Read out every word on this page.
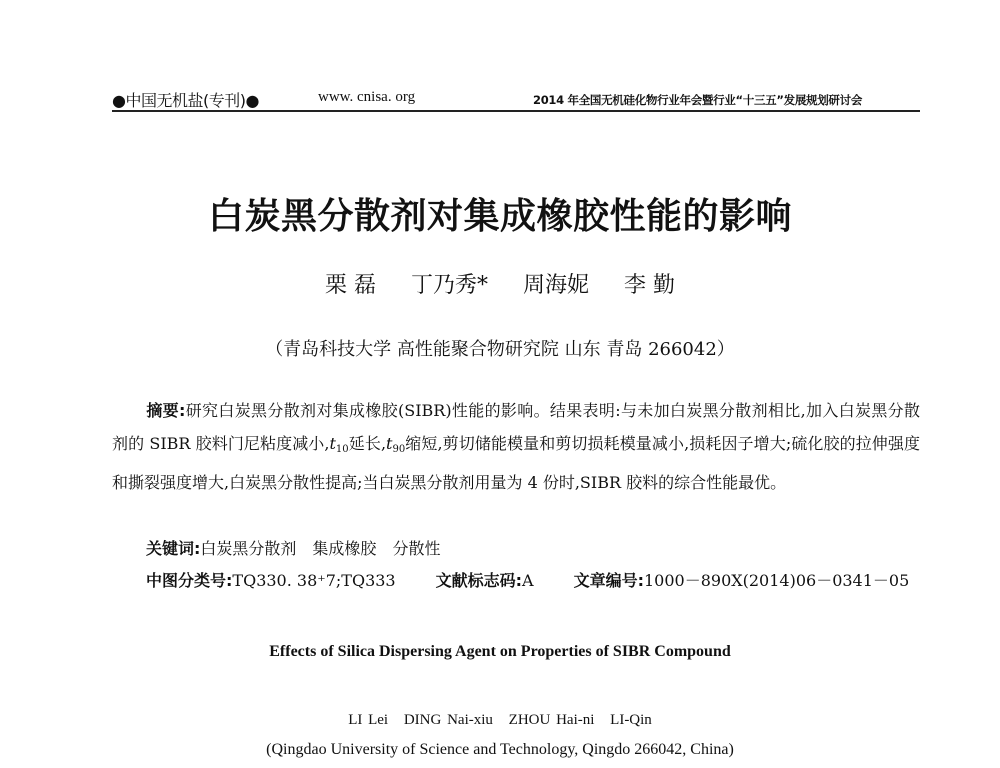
●中国无机盐(专刊)●	www. cnisa. org	2014 年全国无机硅化物行业年会暨行业“十三五”发展规划研讨会
白炭黑分散剂对集成橡胶性能的影响
栗 磊 丁乃秀* 周海妮 李 勤
（青岛科技大学 高性能聚合物研究院 山东 青岛 266042）
摘要:研究白炭黑分散剂对集成橡胶(SIBR)性能的影响。结果表明:与未加白炭黑分散剂相比,加入白炭黑分散剂的 SIBR 胶料门尼粘度减小$,t_{10}$延长$,t_{90}$缩短,剪切储能模量和剪切损耗模量减小,损耗因子增大;硫化胶的拉伸强度和撕裂强度增大,白炭黑分散性提高;当白炭黑分散剂用量为 4 份时,SIBR 胶料的综合性能最优。
关键词:白炭黑分散剂 集成橡胶 分散性
中图分类号:TQ330. 38⁺7;TQ333	文献标志码:A	文章编号:1000－890X(2014)06－0341－05
Effects of Silica Dispersing Agent on Properties of SIBR Compound
LI Lei DING Nai-xiu ZHOU Hai-ni LI-Qin
(Qingdao University of Science and Technology, Qingdo 266042, China)
